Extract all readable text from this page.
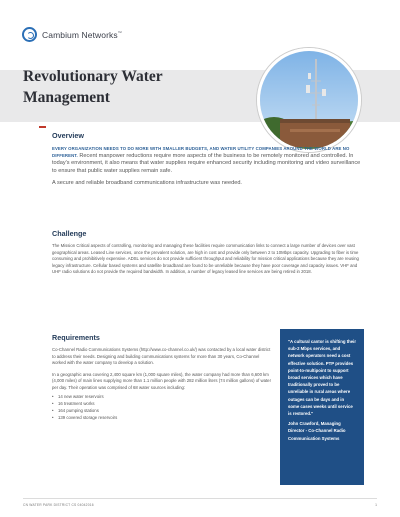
Cambium Networks™
Revolutionary Water Management
Overview
EVERY ORGANIZATION NEEDS TO DO MORE WITH SMALLER BUDGETS, AND WATER UTILITY COMPANIES AROUND THE WORLD ARE NO DIFFERENT. Recent manpower reductions require more aspects of the business to be remotely monitored and controlled. In today's environment, it also means that water supplies require enhanced security including monitoring and video surveillance to ensure that public water supplies remain safe.

A secure and reliable broadband communications infrastructure was needed.

Challenge

The Mission Critical aspects of controlling, monitoring and managing these facilities require communication links to connect a large number of devices over vast geographical areas. Leased Line services, once the prevalent solution, are high in cost and provide only between 2 to 10Mbps capacity. Upgrading to fiber is time consuming and prohibitively expensive. ADSL services do not provide sufficient throughput and reliability for mission critical applications because they are reusing legacy infrastructure. Cellular based systems and satellite broadband are found to be unreliable because they have poor coverage and capacity issues. VHF and UHF radio solutions do not provide the required bandwidth. In addition, a number of legacy leased line services are being retired in 2018.

Requirements

Co-Channel Radio Communications Systems (http://www.co-channel.co.uk/) was contacted by a local water district to address their needs. Designing and building communications systems for more than 30 years, Co-Channel worked with the water company to develop a solution.

In a geographic area covering 2,400 square km (1,000 square miles), the water company had more than 6,600 km (4,000 miles) of main lines supplying more than 1.1 million people with 282 million liters (74 million gallons) of water per day. Their operation was comprised of 68 water sources including:

• 14 new water reservoirs
• 16 treatment works
• 164 pumping stations
• 139 covered storage reservoirs
"A cultural cantor is shifting their sub-2 Mbps services, and network operators need a cost effective solution. PTP provides point-to-multipoint to support broad services which have traditionally proved to be unreliable in rural areas where outages can be days and in some cases weeks until service is restored."
John Crawford, Managing Director - Co-Channel Radio Communication Systems
CN WATER PARK DISTRICT CS 04042016	1
